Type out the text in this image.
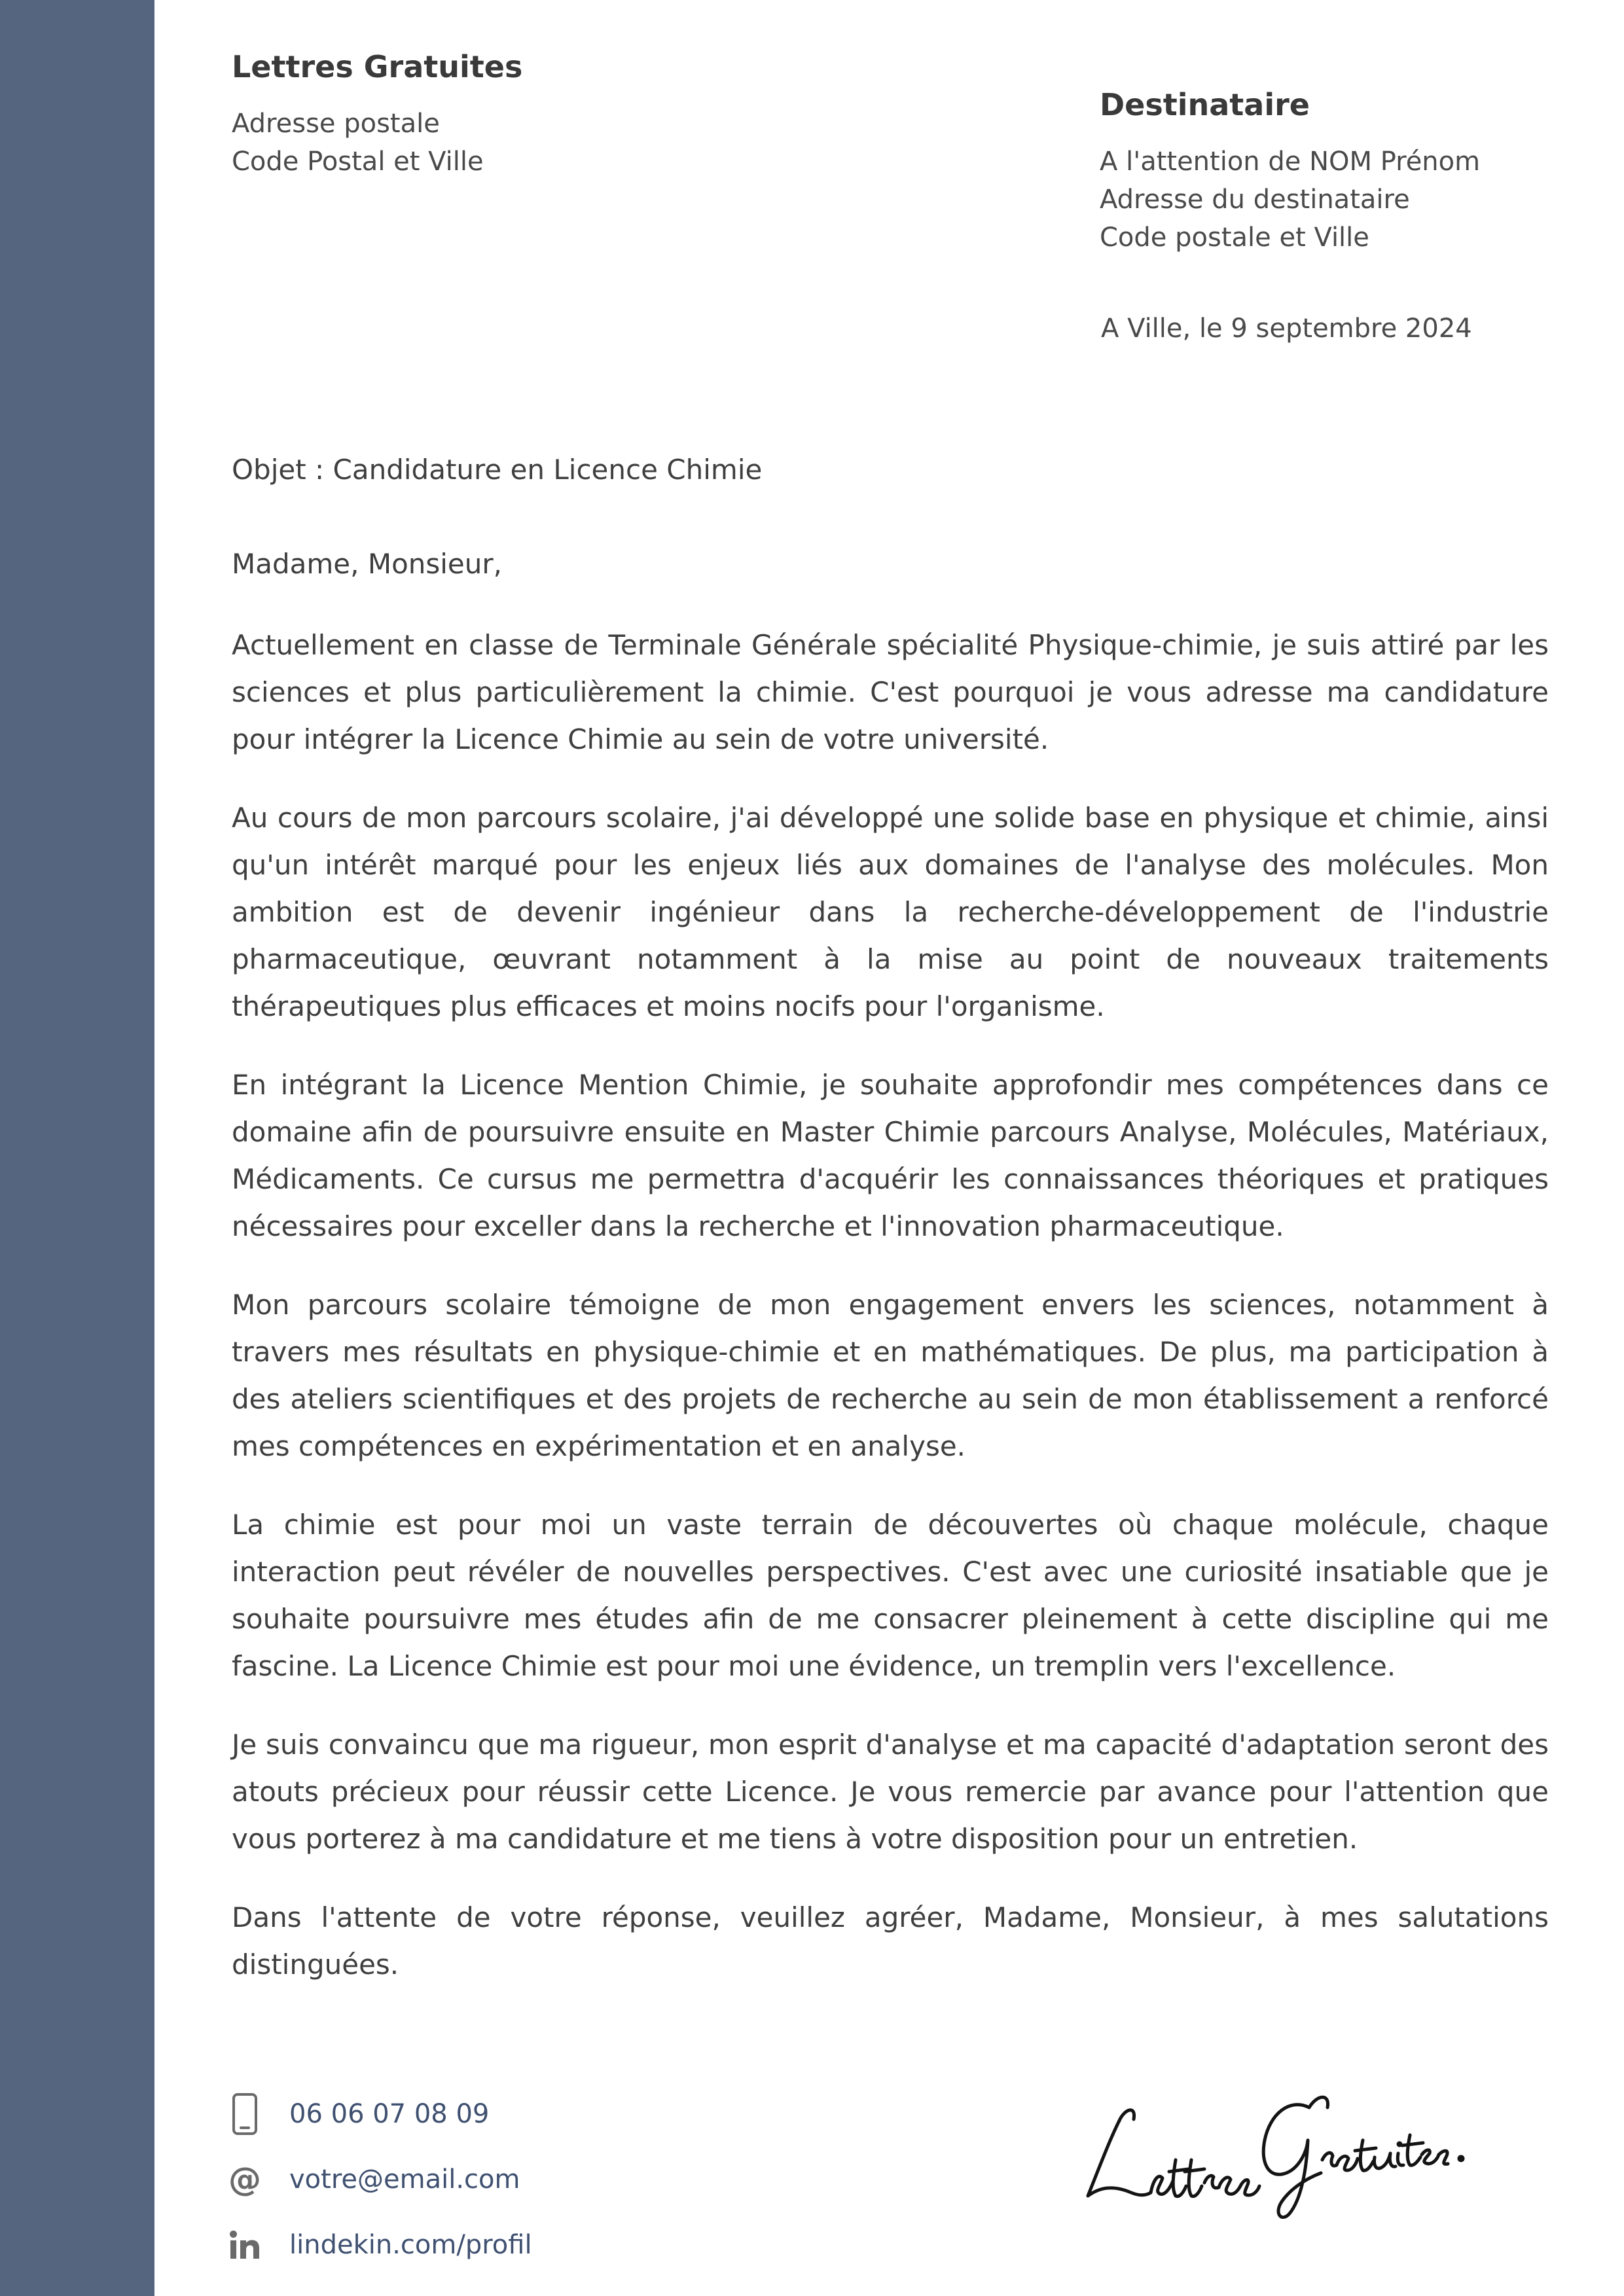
Lettres Gratuites
Adresse postale
Code Postal et Ville
Destinataire
A l'attention de NOM Prénom
Adresse du destinataire
Code postale et Ville
A Ville, le 9 septembre 2024
Objet : Candidature en Licence Chimie
Madame, Monsieur,

Actuellement en classe de Terminale Générale spécialité Physique-chimie, je suis attiré par les sciences et plus particulièrement la chimie. C'est pourquoi je vous adresse ma candidature pour intégrer la Licence Chimie au sein de votre université.

Au cours de mon parcours scolaire, j'ai développé une solide base en physique et chimie, ainsi qu'un intérêt marqué pour les enjeux liés aux domaines de l'analyse des molécules. Mon ambition est de devenir ingénieur dans la recherche-développement de l'industrie pharmaceutique, œuvrant notamment à la mise au point de nouveaux traitements thérapeutiques plus efficaces et moins nocifs pour l'organisme.

En intégrant la Licence Mention Chimie, je souhaite approfondir mes compétences dans ce domaine afin de poursuivre ensuite en Master Chimie parcours Analyse, Molécules, Matériaux, Médicaments. Ce cursus me permettra d'acquérir les connaissances théoriques et pratiques nécessaires pour exceller dans la recherche et l'innovation pharmaceutique.

Mon parcours scolaire témoigne de mon engagement envers les sciences, notamment à travers mes résultats en physique-chimie et en mathématiques. De plus, ma participation à des ateliers scientifiques et des projets de recherche au sein de mon établissement a renforcé mes compétences en expérimentation et en analyse.

La chimie est pour moi un vaste terrain de découvertes où chaque molécule, chaque interaction peut révéler de nouvelles perspectives. C'est avec une curiosité insatiable que je souhaite poursuivre mes études afin de me consacrer pleinement à cette discipline qui me fascine. La Licence Chimie est pour moi une évidence, un tremplin vers l'excellence.

Je suis convaincu que ma rigueur, mon esprit d'analyse et ma capacité d'adaptation seront des atouts précieux pour réussir cette Licence. Je vous remercie par avance pour l'attention que vous porterez à ma candidature et me tiens à votre disposition pour un entretien.

Dans l'attente de votre réponse, veuillez agréer, Madame, Monsieur, à mes salutations distinguées.

06 06 07 08 09
@ votre@email.com
lindekin.com/profil
